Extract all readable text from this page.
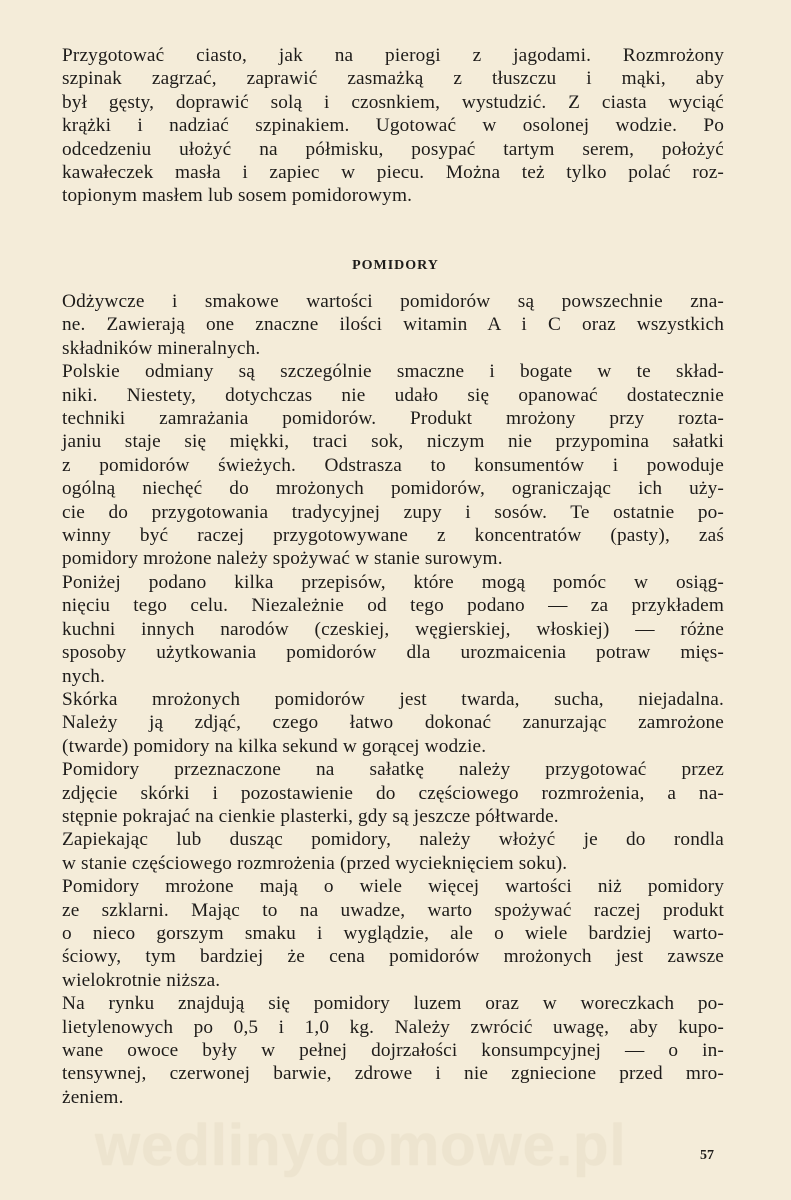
wedlinydomowe.pl
Przygotować ciasto, jak na pierogi z jagodami. Rozmrożony
szpinak zagrzać, zaprawić zasmażką z tłuszczu i mąki, aby
był gęsty, doprawić solą i czosnkiem, wystudzić. Z ciasta wyciąć
krążki i nadziać szpinakiem. Ugotować w osolonej wodzie. Po
odcedzeniu ułożyć na półmisku, posypać tartym serem, położyć
kawałeczek masła i zapiec w piecu. Można też tylko polać roz-
topionym masłem lub sosem pomidorowym.
POMIDORY
Odżywcze i smakowe wartości pomidorów są powszechnie zna-
ne. Zawierają one znaczne ilości witamin A i C oraz wszystkich
składników mineralnych.
Polskie odmiany są szczególnie smaczne i bogate w te skład-
niki. Niestety, dotychczas nie udało się opanować dostatecznie
techniki zamrażania pomidorów. Produkt mrożony przy rozta-
janiu staje się miękki, traci sok, niczym nie przypomina sałatki
z pomidorów świeżych. Odstrasza to konsumentów i powoduje
ogólną niechęć do mrożonych pomidorów, ograniczając ich uży-
cie do przygotowania tradycyjnej zupy i sosów. Te ostatnie po-
winny być raczej przygotowywane z koncentratów (pasty), zaś
pomidory mrożone należy spożywać w stanie surowym.
Poniżej podano kilka przepisów, które mogą pomóc w osiąg-
nięciu tego celu. Niezależnie od tego podano — za przykładem
kuchni innych narodów (czeskiej, węgierskiej, włoskiej) — różne
sposoby użytkowania pomidorów dla urozmaicenia potraw mięs-
nych.
Skórka mrożonych pomidorów jest twarda, sucha, niejadalna.
Należy ją zdjąć, czego łatwo dokonać zanurzając zamrożone
(twarde) pomidory na kilka sekund w gorącej wodzie.
Pomidory przeznaczone na sałatkę należy przygotować przez
zdjęcie skórki i pozostawienie do częściowego rozmrożenia, a na-
stępnie pokrajać na cienkie plasterki, gdy są jeszcze półtwarde.
Zapiekając lub dusząc pomidory, należy włożyć je do rondla
w stanie częściowego rozmrożenia (przed wycieknięciem soku).
Pomidory mrożone mają o wiele więcej wartości niż pomidory
ze szklarni. Mając to na uwadze, warto spożywać raczej produkt
o nieco gorszym smaku i wyglądzie, ale o wiele bardziej warto-
ściowy, tym bardziej że cena pomidorów mrożonych jest zawsze
wielokrotnie niższa.
Na rynku znajdują się pomidory luzem oraz w woreczkach po-
lietylenowych po 0,5 i 1,0 kg. Należy zwrócić uwagę, aby kupo-
wane owoce były w pełnej dojrzałości konsumpcyjnej — o in-
tensywnej, czerwonej barwie, zdrowe i nie zgniecione przed mro-
żeniem.
57
